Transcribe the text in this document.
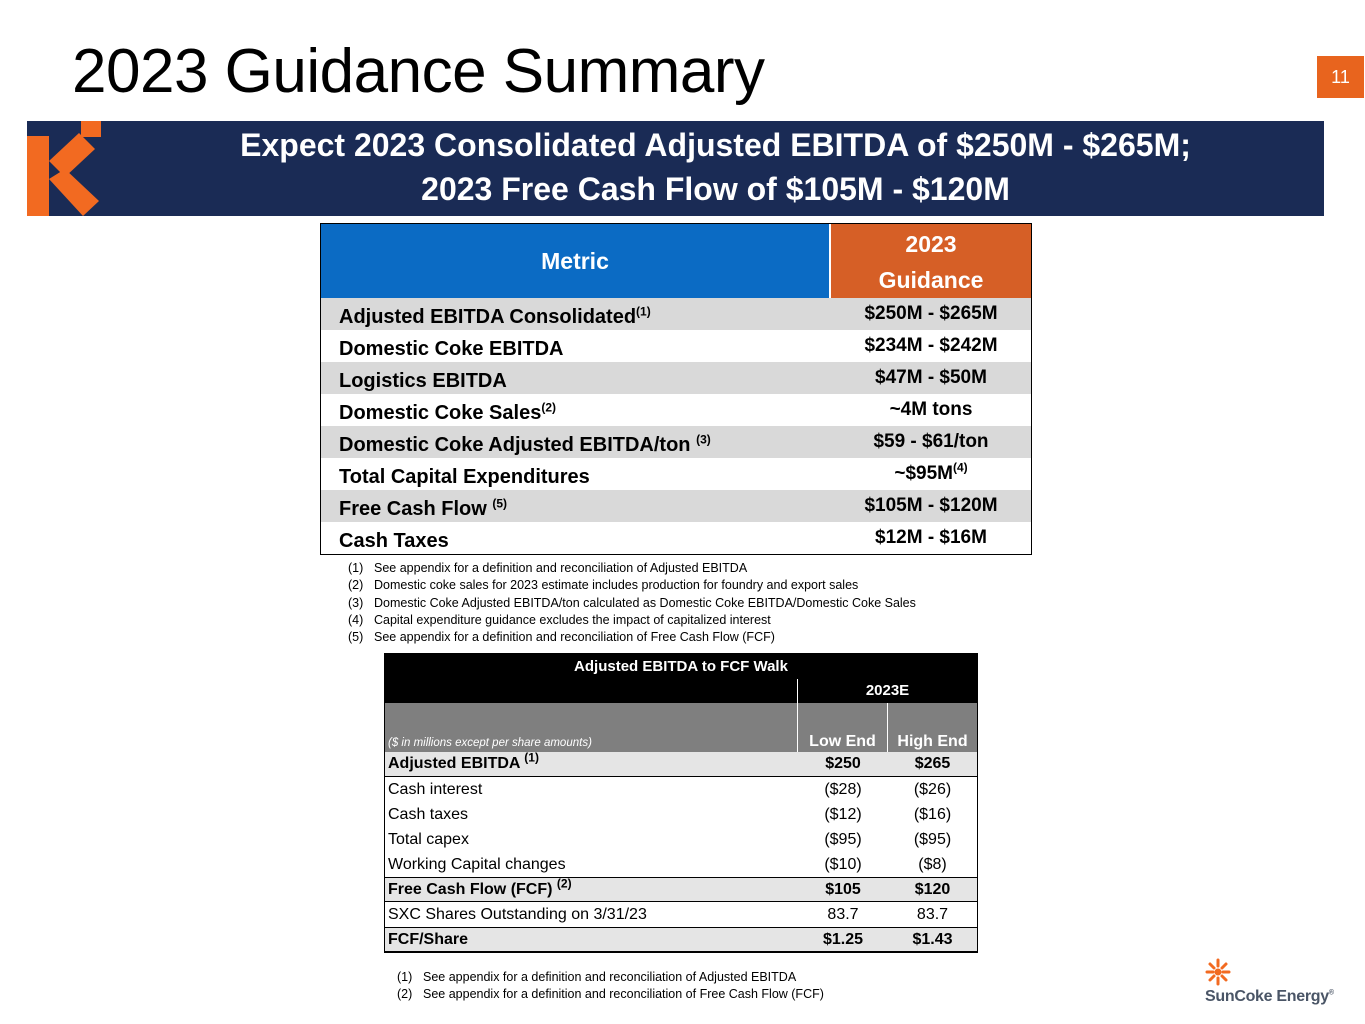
2023 Guidance Summary	11
Expect 2023 Consolidated Adjusted EBITDA of $250M - $265M;
2023 Free Cash Flow of $105M - $120M
Metric
2023
Guidance
Adjusted EBITDA Consolidated$^{(1)}$	$250M - $265M
Domestic Coke EBITDA	$234M - $242M
Logistics EBITDA	$47M - $50M
Domestic Coke Sales$^{(2)}$	~4M tons
Domestic Coke Adjusted EBITDA/ton $^{(3)}$	$59 - $61/ton
Total Capital Expenditures	$\sim\$95M^{(4)}$
Free Cash Flow $^{(5)}$	$105M - $120M
Cash Taxes	$12M - $16M
(1) See appendix for a definition and reconciliation of Adjusted EBITDA
(2) Domestic coke sales for 2023 estimate includes production for foundry and export sales
(3) Domestic Coke Adjusted EBITDA/ton calculated as Domestic Coke EBITDA/Domestic Coke Sales
(4) Capital expenditure guidance excludes the impact of capitalized interest
(5) See appendix for a definition and reconciliation of Free Cash Flow (FCF)
Adjusted EBITDA to FCF Walk
2023E
($ in millions except per share amounts)	Low End	High End
Adjusted EBITDA $^{(1)}$	$250	$265
Cash interest	($28)	($26)
Cash taxes	($12)	($16)
Total capex	($95)	($95)
Working Capital changes	($10)	($8)
Free Cash Flow (FCF) $^{(2)}$	$105	$120
SXC Shares Outstanding on 3/31/23	83.7	83.7
FCF/Share	$1.25	$1.43
(1) See appendix for a definition and reconciliation of Adjusted EBITDA
(2) See appendix for a definition and reconciliation of Free Cash Flow (FCF)	SunCoke Energy®
